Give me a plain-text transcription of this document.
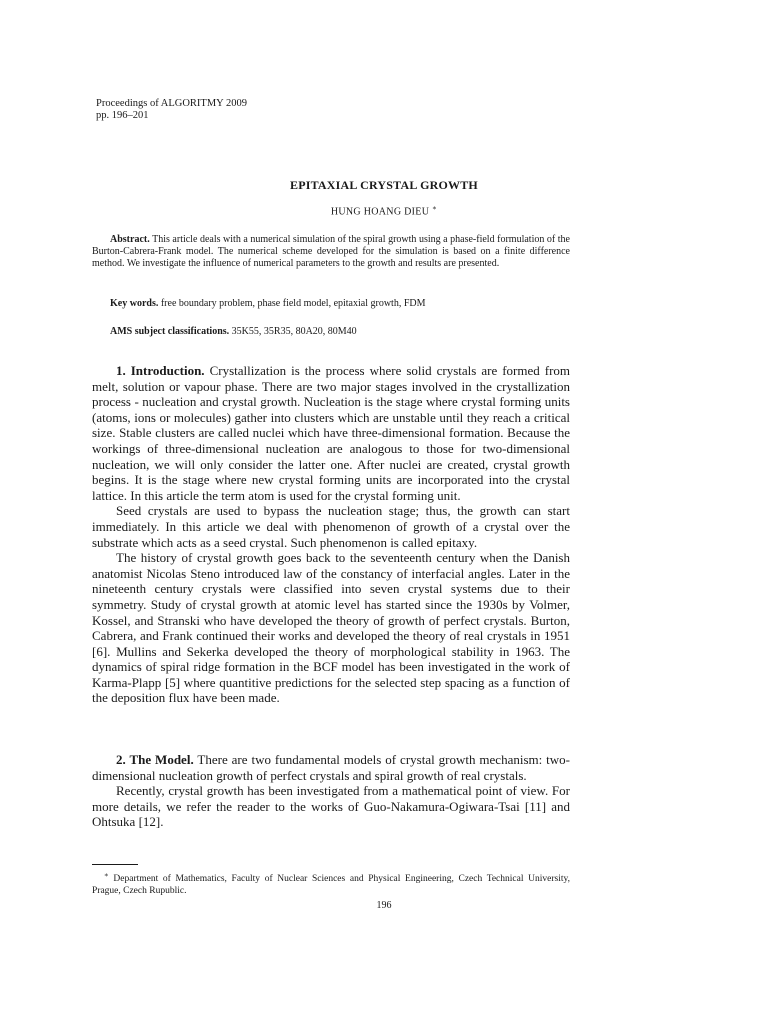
Proceedings of ALGORITMY 2009
pp. 196–201
EPITAXIAL CRYSTAL GROWTH
HUNG HOANG DIEU ∗
Abstract. This article deals with a numerical simulation of the spiral growth using a phase-field formulation of the Burton-Cabrera-Frank model. The numerical scheme developed for the simulation is based on a finite difference method. We investigate the influence of numerical parameters to the growth and results are presented.
Key words. free boundary problem, phase field model, epitaxial growth, FDM
AMS subject classifications. 35K55, 35R35, 80A20, 80M40

1. Introduction. Crystallization is the process where solid crystals are formed from melt, solution or vapour phase. There are two major stages involved in the crystallization process - nucleation and crystal growth. Nucleation is the stage where crystal forming units (atoms, ions or molecules) gather into clusters which are unstable until they reach a critical size. Stable clusters are called nuclei which have three-dimensional formation. Because the workings of three-dimensional nucleation are analogous to those for two-dimensional nucleation, we will only consider the latter one. After nuclei are created, crystal growth begins. It is the stage where new crystal forming units are incorporated into the crystal lattice. In this article the term atom is used for the crystal forming unit.

Seed crystals are used to bypass the nucleation stage; thus, the growth can start immediately. In this article we deal with phenomenon of growth of a crystal over the substrate which acts as a seed crystal. Such phenomenon is called epitaxy.

The history of crystal growth goes back to the seventeenth century when the Danish anatomist Nicolas Steno introduced law of the constancy of interfacial angles. Later in the nineteenth century crystals were classified into seven crystal systems due to their symmetry. Study of crystal growth at atomic level has started since the 1930s by Volmer, Kossel, and Stranski who have developed the theory of growth of perfect crystals. Burton, Cabrera, and Frank continued their works and developed the theory of real crystals in 1951 [6]. Mullins and Sekerka developed the theory of morphological stability in 1963. The dynamics of spiral ridge formation in the BCF model has been investigated in the work of Karma-Plapp [5] where quantitive predictions for the selected step spacing as a function of the deposition flux have been made.

2. The Model. There are two fundamental models of crystal growth mechanism: two-dimensional nucleation growth of perfect crystals and spiral growth of real crystals.

Recently, crystal growth has been investigated from a mathematical point of view. For more details, we refer the reader to the works of Guo-Nakamura-Ogiwara-Tsai [11] and Ohtsuka [12].

∗ Department of Mathematics, Faculty of Nuclear Sciences and Physical Engineering, Czech Technical University, Prague, Czech Rupublic.
196
